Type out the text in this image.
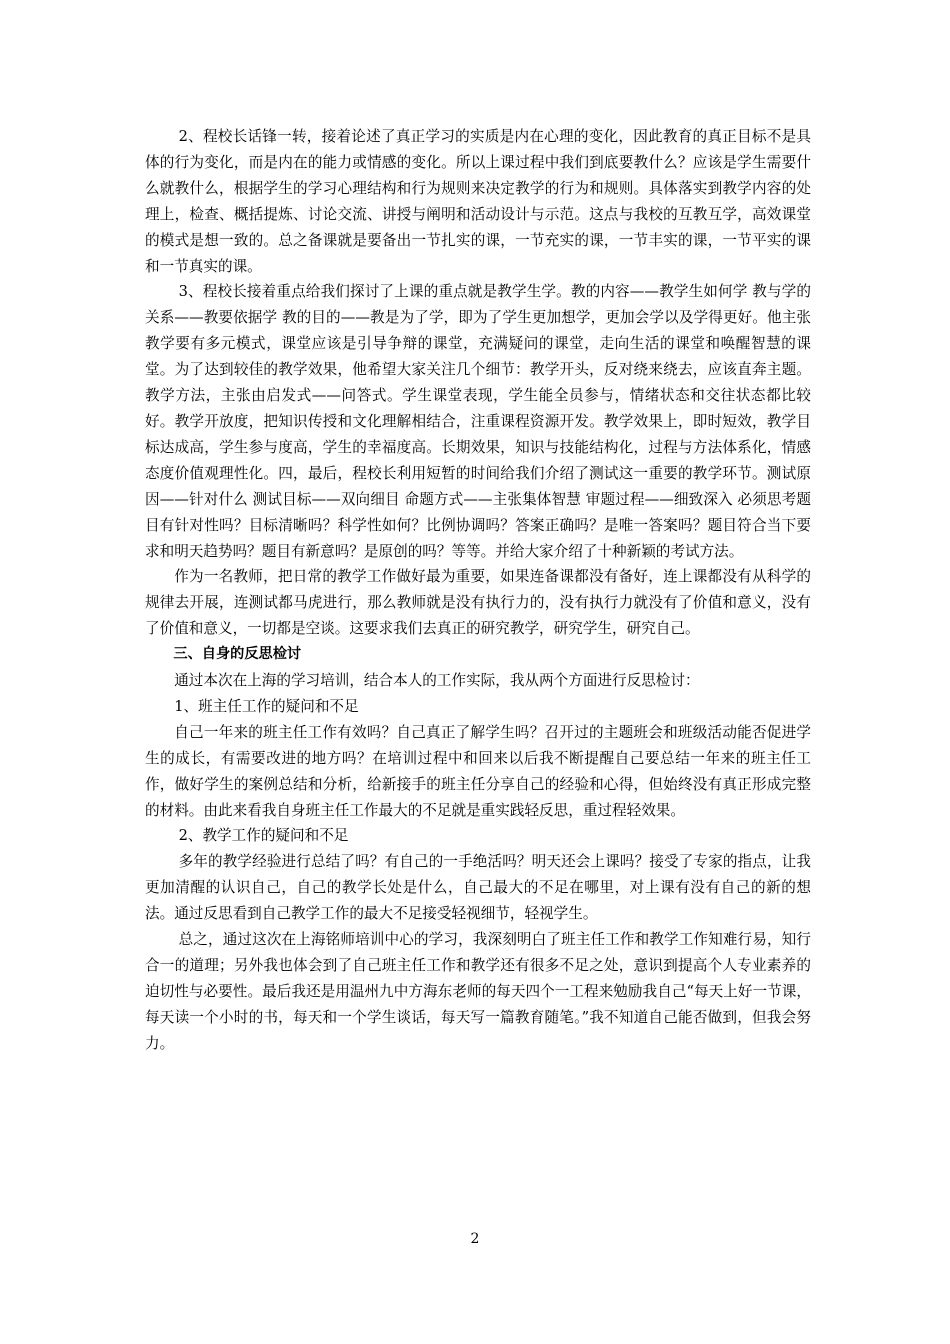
2、程校长话锋一转，接着论述了真正学习的实质是内在心理的变化，因此教育的真正目标不是具体的行为变化，而是内在的能力或情感的变化。所以上课过程中我们到底要教什么？应该是学生需要什么就教什么，根据学生的学习心理结构和行为规则来决定教学的行为和规则。具体落实到教学内容的处理上，检查、概括提炼、讨论交流、讲授与阐明和活动设计与示范。这点与我校的互教互学，高效课堂的模式是想一致的。总之备课就是要备出一节扎实的课，一节充实的课，一节丰实的课，一节平实的课和一节真实的课。

3、程校长接着重点给我们探讨了上课的重点就是教学生学。教的内容——教学生如何学 教与学的关系——教要依据学 教的目的——教是为了学，即为了学生更加想学，更加会学以及学得更好。他主张教学要有多元模式，课堂应该是引导争辩的课堂，充满疑问的课堂，走向生活的课堂和唤醒智慧的课堂。为了达到较佳的教学效果，他希望大家关注几个细节：教学开头，反对绕来绕去，应该直奔主题。教学方法，主张由启发式——问答式。学生课堂表现，学生能全员参与，情绪状态和交往状态都比较好。教学开放度，把知识传授和文化理解相结合，注重课程资源开发。教学效果上，即时短效，教学目标达成高，学生参与度高，学生的幸福度高。长期效果，知识与技能结构化，过程与方法体系化，情感态度价值观理性化。四，最后，程校长利用短暂的时间给我们介绍了测试这一重要的教学环节。测试原因——针对什么 测试目标——双向细目 命题方式——主张集体智慧 审题过程——细致深入 必须思考题目有针对性吗？目标清晰吗？科学性如何？比例协调吗？答案正确吗？是唯一答案吗？题目符合当下要求和明天趋势吗？题目有新意吗？是原创的吗？等等。并给大家介绍了十种新颖的考试方法。

作为一名教师，把日常的教学工作做好最为重要，如果连备课都没有备好，连上课都没有从科学的规律去开展，连测试都马虎进行，那么教师就是没有执行力的，没有执行力就没有了价值和意义，没有了价值和意义，一切都是空谈。这要求我们去真正的研究教学，研究学生，研究自己。

三、自身的反思检讨

通过本次在上海的学习培训，结合本人的工作实际，我从两个方面进行反思检讨：

1、班主任工作的疑问和不足

自己一年来的班主任工作有效吗？自己真正了解学生吗？召开过的主题班会和班级活动能否促进学生的成长，有需要改进的地方吗？在培训过程中和回来以后我不断提醒自己要总结一年来的班主任工作，做好学生的案例总结和分析，给新接手的班主任分享自己的经验和心得，但始终没有真正形成完整的材料。由此来看我自身班主任工作最大的不足就是重实践轻反思，重过程轻效果。

2、教学工作的疑问和不足

多年的教学经验进行总结了吗？有自己的一手绝活吗？明天还会上课吗？接受了专家的指点，让我更加清醒的认识自己，自己的教学长处是什么，自己最大的不足在哪里，对上课有没有自己的新的想法。通过反思看到自己教学工作的最大不足接受轻视细节，轻视学生。

总之，通过这次在上海铭师培训中心的学习，我深刻明白了班主任工作和教学工作知难行易，知行合一的道理；另外我也体会到了自己班主任工作和教学还有很多不足之处，意识到提高个人专业素养的迫切性与必要性。最后我还是用温州九中方海东老师的每天四个一工程来勉励我自己“每天上好一节课，每天读一个小时的书，每天和一个学生谈话，每天写一篇教育随笔。”我不知道自己能否做到，但我会努力。

2
